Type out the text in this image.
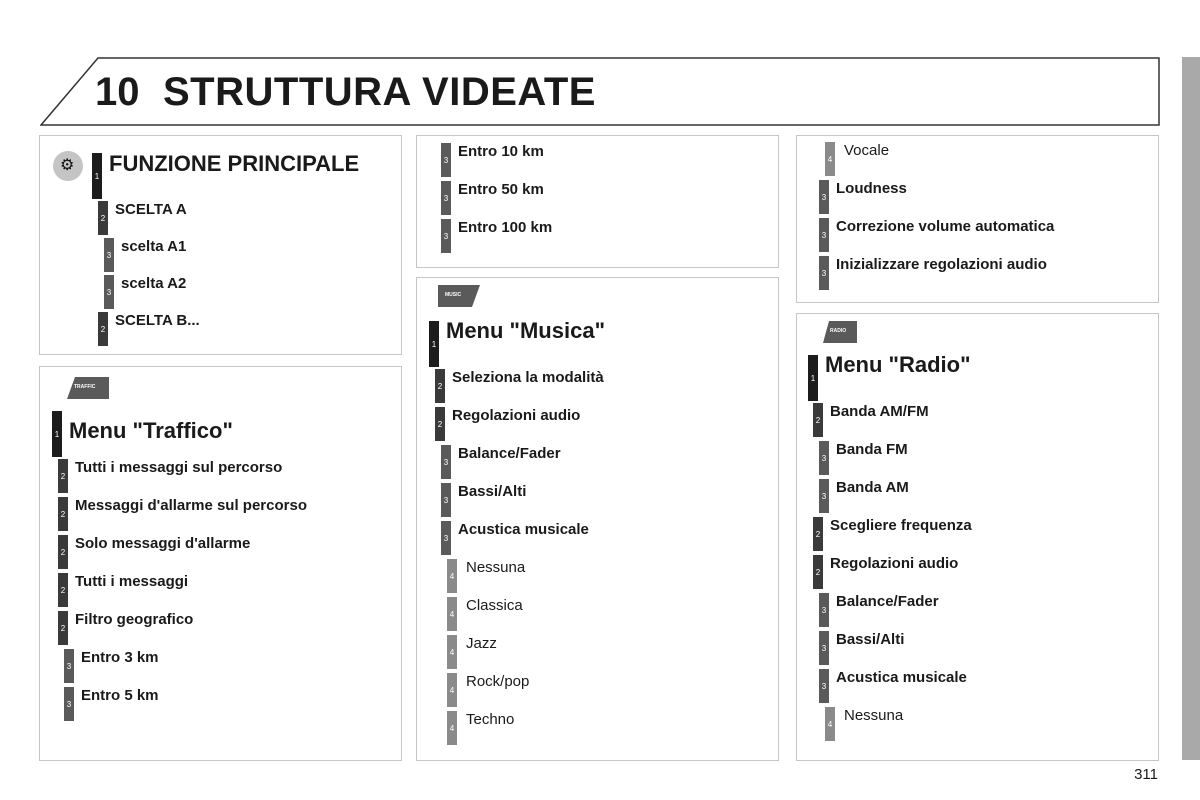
10 STRUTTURA VIDEATE
⚙
1 FUNZIONE PRINCIPALE
2 SCELTA A
3 scelta A1
3 scelta A2
2 SCELTA B...
TRAFFIC
1 Menu "Traffico"
2 Tutti i messaggi sul percorso
2 Messaggi d'allarme sul percorso
2 Solo messaggi d'allarme
2 Tutti i messaggi
2 Filtro geografico
3 Entro 3 km
3 Entro 5 km
3 Entro 10 km
3 Entro 50 km
3 Entro 100 km
MUSIC
1
Menu "Musica"
2 Seleziona la modalità
2 Regolazioni audio
3 Balance/Fader
3 Bassi/Alti
3 Acustica musicale
4 Nessuna
4 Classica
4 Jazz
4 Rock/pop
4 Techno
4 Vocale
3 Loudness
3 Correzione volume automatica
3 Inizializzare regolazioni audio
RADIO
1
Menu "Radio"
2 Banda AM/FM
3 Banda FM
3 Banda AM
2 Scegliere frequenza
2 Regolazioni audio
3 Balance/Fader
3 Bassi/Alti
3 Acustica musicale
4 Nessuna
311
